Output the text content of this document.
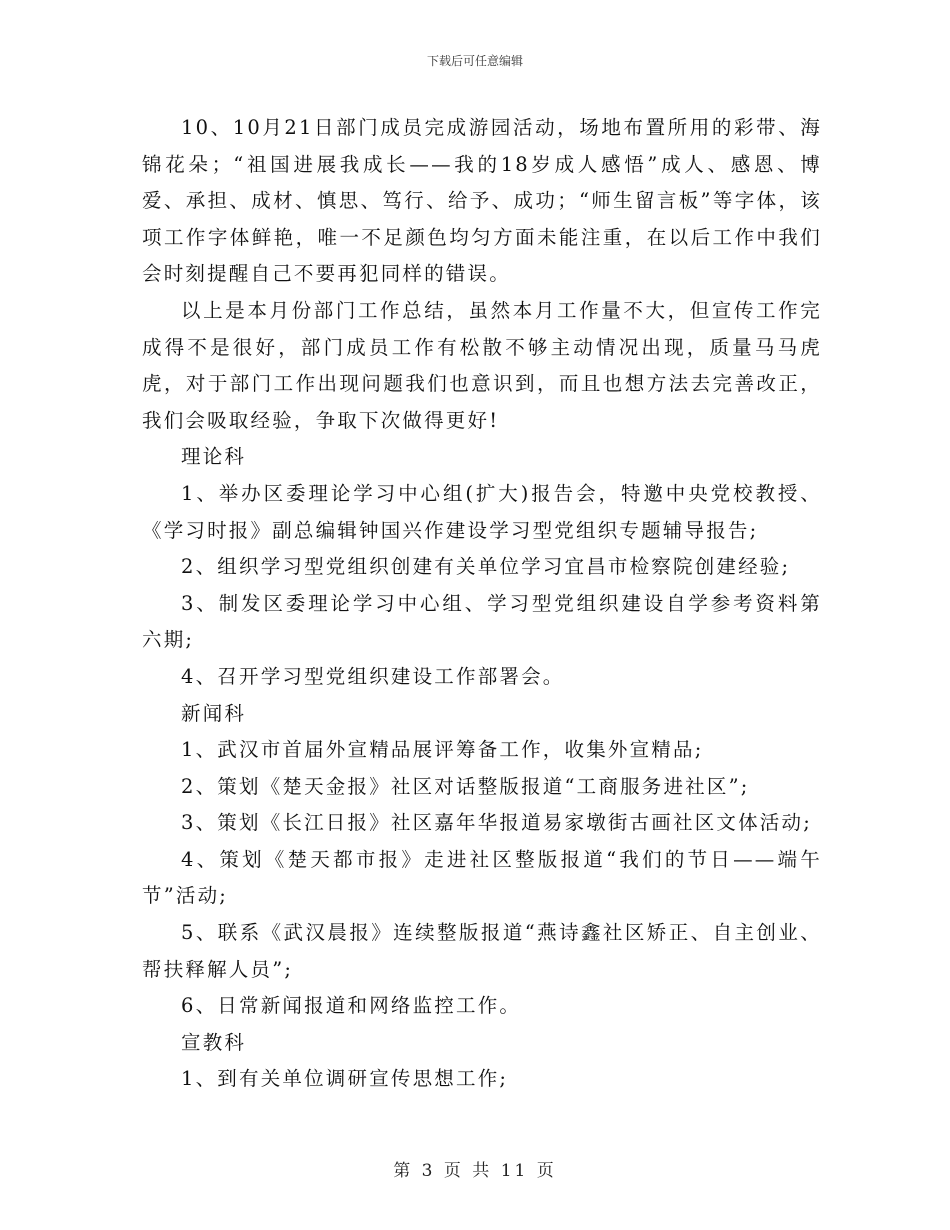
下载后可任意编辑

10、10月21日部门成员完成游园活动，场地布置所用的彩带、海锦花朵；“祖国进展我成长——我的18岁成人感悟”成人、感恩、博爱、承担、成材、慎思、笃行、给予、成功；“师生留言板”等字体，该项工作字体鲜艳，唯一不足颜色均匀方面未能注重，在以后工作中我们会时刻提醒自己不要再犯同样的错误。

以上是本月份部门工作总结，虽然本月工作量不大，但宣传工作完成得不是很好，部门成员工作有松散不够主动情况出现，质量马马虎虎，对于部门工作出现问题我们也意识到，而且也想方法去完善改正，我们会吸取经验，争取下次做得更好!

理论科

1、举办区委理论学习中心组(扩大)报告会，特邀中央党校教授、《学习时报》副总编辑钟国兴作建设学习型党组织专题辅导报告;

2、组织学习型党组织创建有关单位学习宜昌市检察院创建经验;

3、制发区委理论学习中心组、学习型党组织建设自学参考资料第六期;

4、召开学习型党组织建设工作部署会。

新闻科

1、武汉市首届外宣精品展评筹备工作，收集外宣精品;

2、策划《楚天金报》社区对话整版报道“工商服务进社区”;

3、策划《长江日报》社区嘉年华报道易家墩街古画社区文体活动;

4、策划《楚天都市报》走进社区整版报道“我们的节日——端午节”活动;

5、联系《武汉晨报》连续整版报道“燕诗鑫社区矫正、自主创业、帮扶释解人员”;

6、日常新闻报道和网络监控工作。

宣教科

1、到有关单位调研宣传思想工作;

第 3 页 共 11 页
